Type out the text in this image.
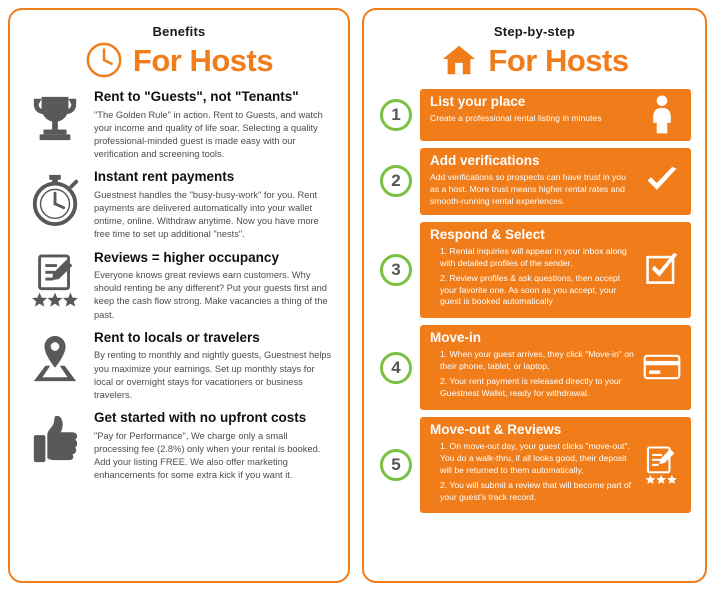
Benefits
For Hosts

Rent to "Guests", not "Tenants"

"The Golden Rule" in action. Rent to Guests, and watch your income and quality of life soar. Selecting a quality professional-minded guest is made easy with our verification and screening tools.

Instant rent payments

Guestnest handles the "busy-busy-work" for you. Rent payments are delivered automatically into your wallet ontime, online. Withdraw anytime. Now you have more free time to set up additional "nests".

Reviews = higher occupancy

Everyone knows great reviews earn customers. Why should renting be any different? Put your guests first and keep the cash flow strong. Make vacancies a thing of the past.

Rent to locals or travelers

By renting to monthly and nightly guests, Guestnest helps you maximize your earnings. Set up monthly stays for local or overnight stays for vacationers or business travelers.

Get started with no upfront costs

"Pay for Performance", We charge only a small processing fee (2.8%) only when your rental is booked. Add your listing FREE. We also offer marketing enhancements for some extra kick if you want it.

Step-by-step
For Hosts
1

List your place

Create a professional rental listing in minutes

2

Add verifications

Add verifications so prospects can have trust in you as a host. More trust means higher rental rates and smooth-running rental experiences.

3

Respond & Select

1. Rental inquiries will appear in your inbox along with detailed profiles of the sender.
2. Review profiles & ask questions, then accept your favorite one. As soon as you accept, your guest is booked automatically
4

Move-in

1. When your guest arrives, they click "Move-in" on their phone, tablet, or laptop,
2. Your rent payment is released directly to your Guestnest Wallet, ready for withdrawal.
5

Move-out & Reviews

1. On move-out day, your guest clicks "move-out". You do a walk-thru, if all looks good, their deposit will be returned to them automatically.
2. You will submit a review that will become part of your guest's track record.
